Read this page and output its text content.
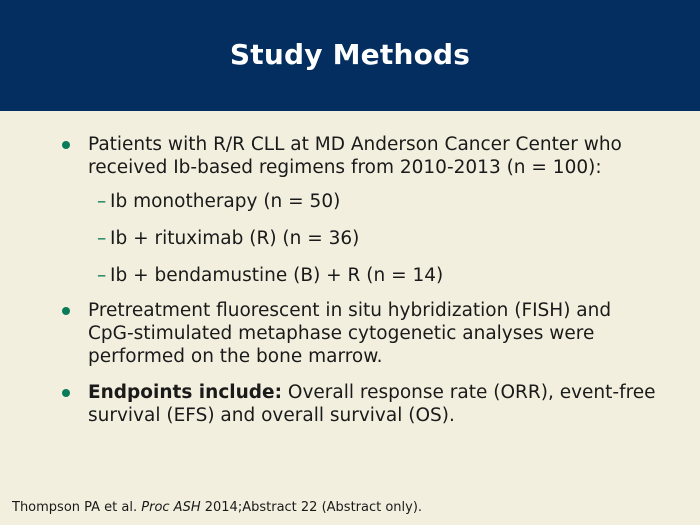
Study Methods
Patients with R/R CLL at MD Anderson Cancer Center who received Ib-based regimens from 2010-2013 (n = 100):
– Ib monotherapy (n = 50)
– Ib + rituximab (R) (n = 36)
– Ib + bendamustine (B) + R (n = 14)
Pretreatment fluorescent in situ hybridization (FISH) and CpG-stimulated metaphase cytogenetic analyses were performed on the bone marrow.
Endpoints include: Overall response rate (ORR), event-free survival (EFS) and overall survival (OS).
Thompson PA et al. Proc ASH 2014;Abstract 22 (Abstract only).
